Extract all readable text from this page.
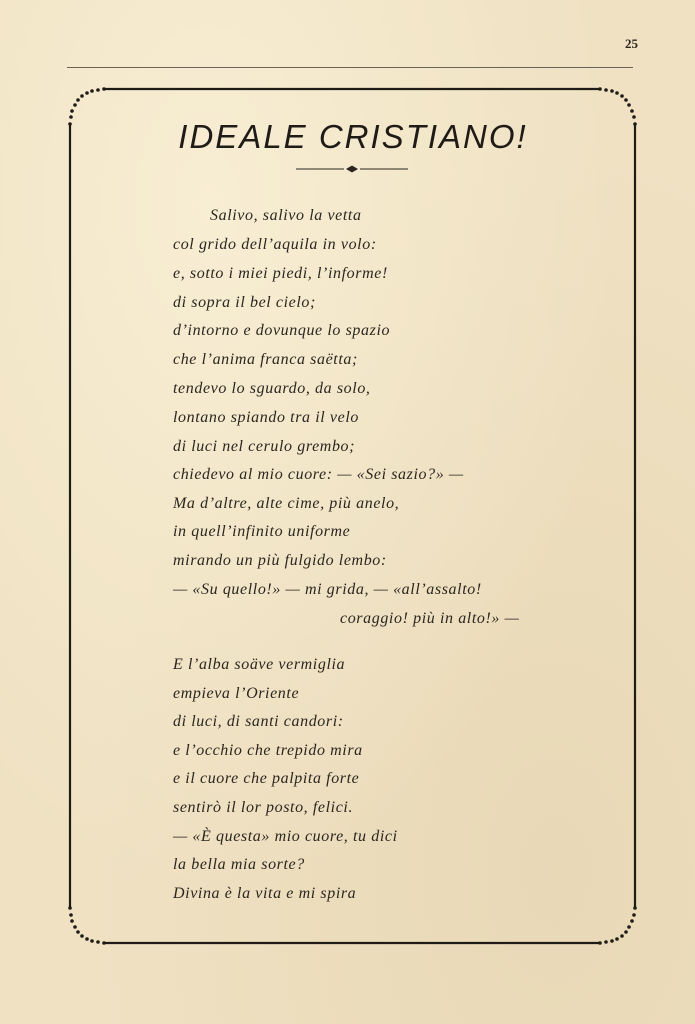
25
IDEALE CRISTIANO!
Salivo, salivo la vetta
col grido dell’aquila in volo:
e, sotto i miei piedi, l’informe!
di sopra il bel cielo;
d’intorno e dovunque lo spazio
che l’anima franca saëtta;
tendevo lo sguardo, da solo,
lontano spiando tra il velo
di luci nel cerulo grembo;
chiedevo al mio cuore: — «Sei sazio?» —
Ma d’altre, alte cime, più anelo,
in quell’infinito uniforme
mirando un più fulgido lembo:
— «Su quello!» — mi grida, — «all’assalto!
coraggio! più in alto!» —
E l’alba soäve vermiglia
empieva l’Oriente
di luci, di santi candori:
e l’occhio che trepido mira
e il cuore che palpita forte
sentirò il lor posto, felici.
— «È questa» mio cuore, tu dici
la bella mia sorte?
Divina è la vita e mi spira
